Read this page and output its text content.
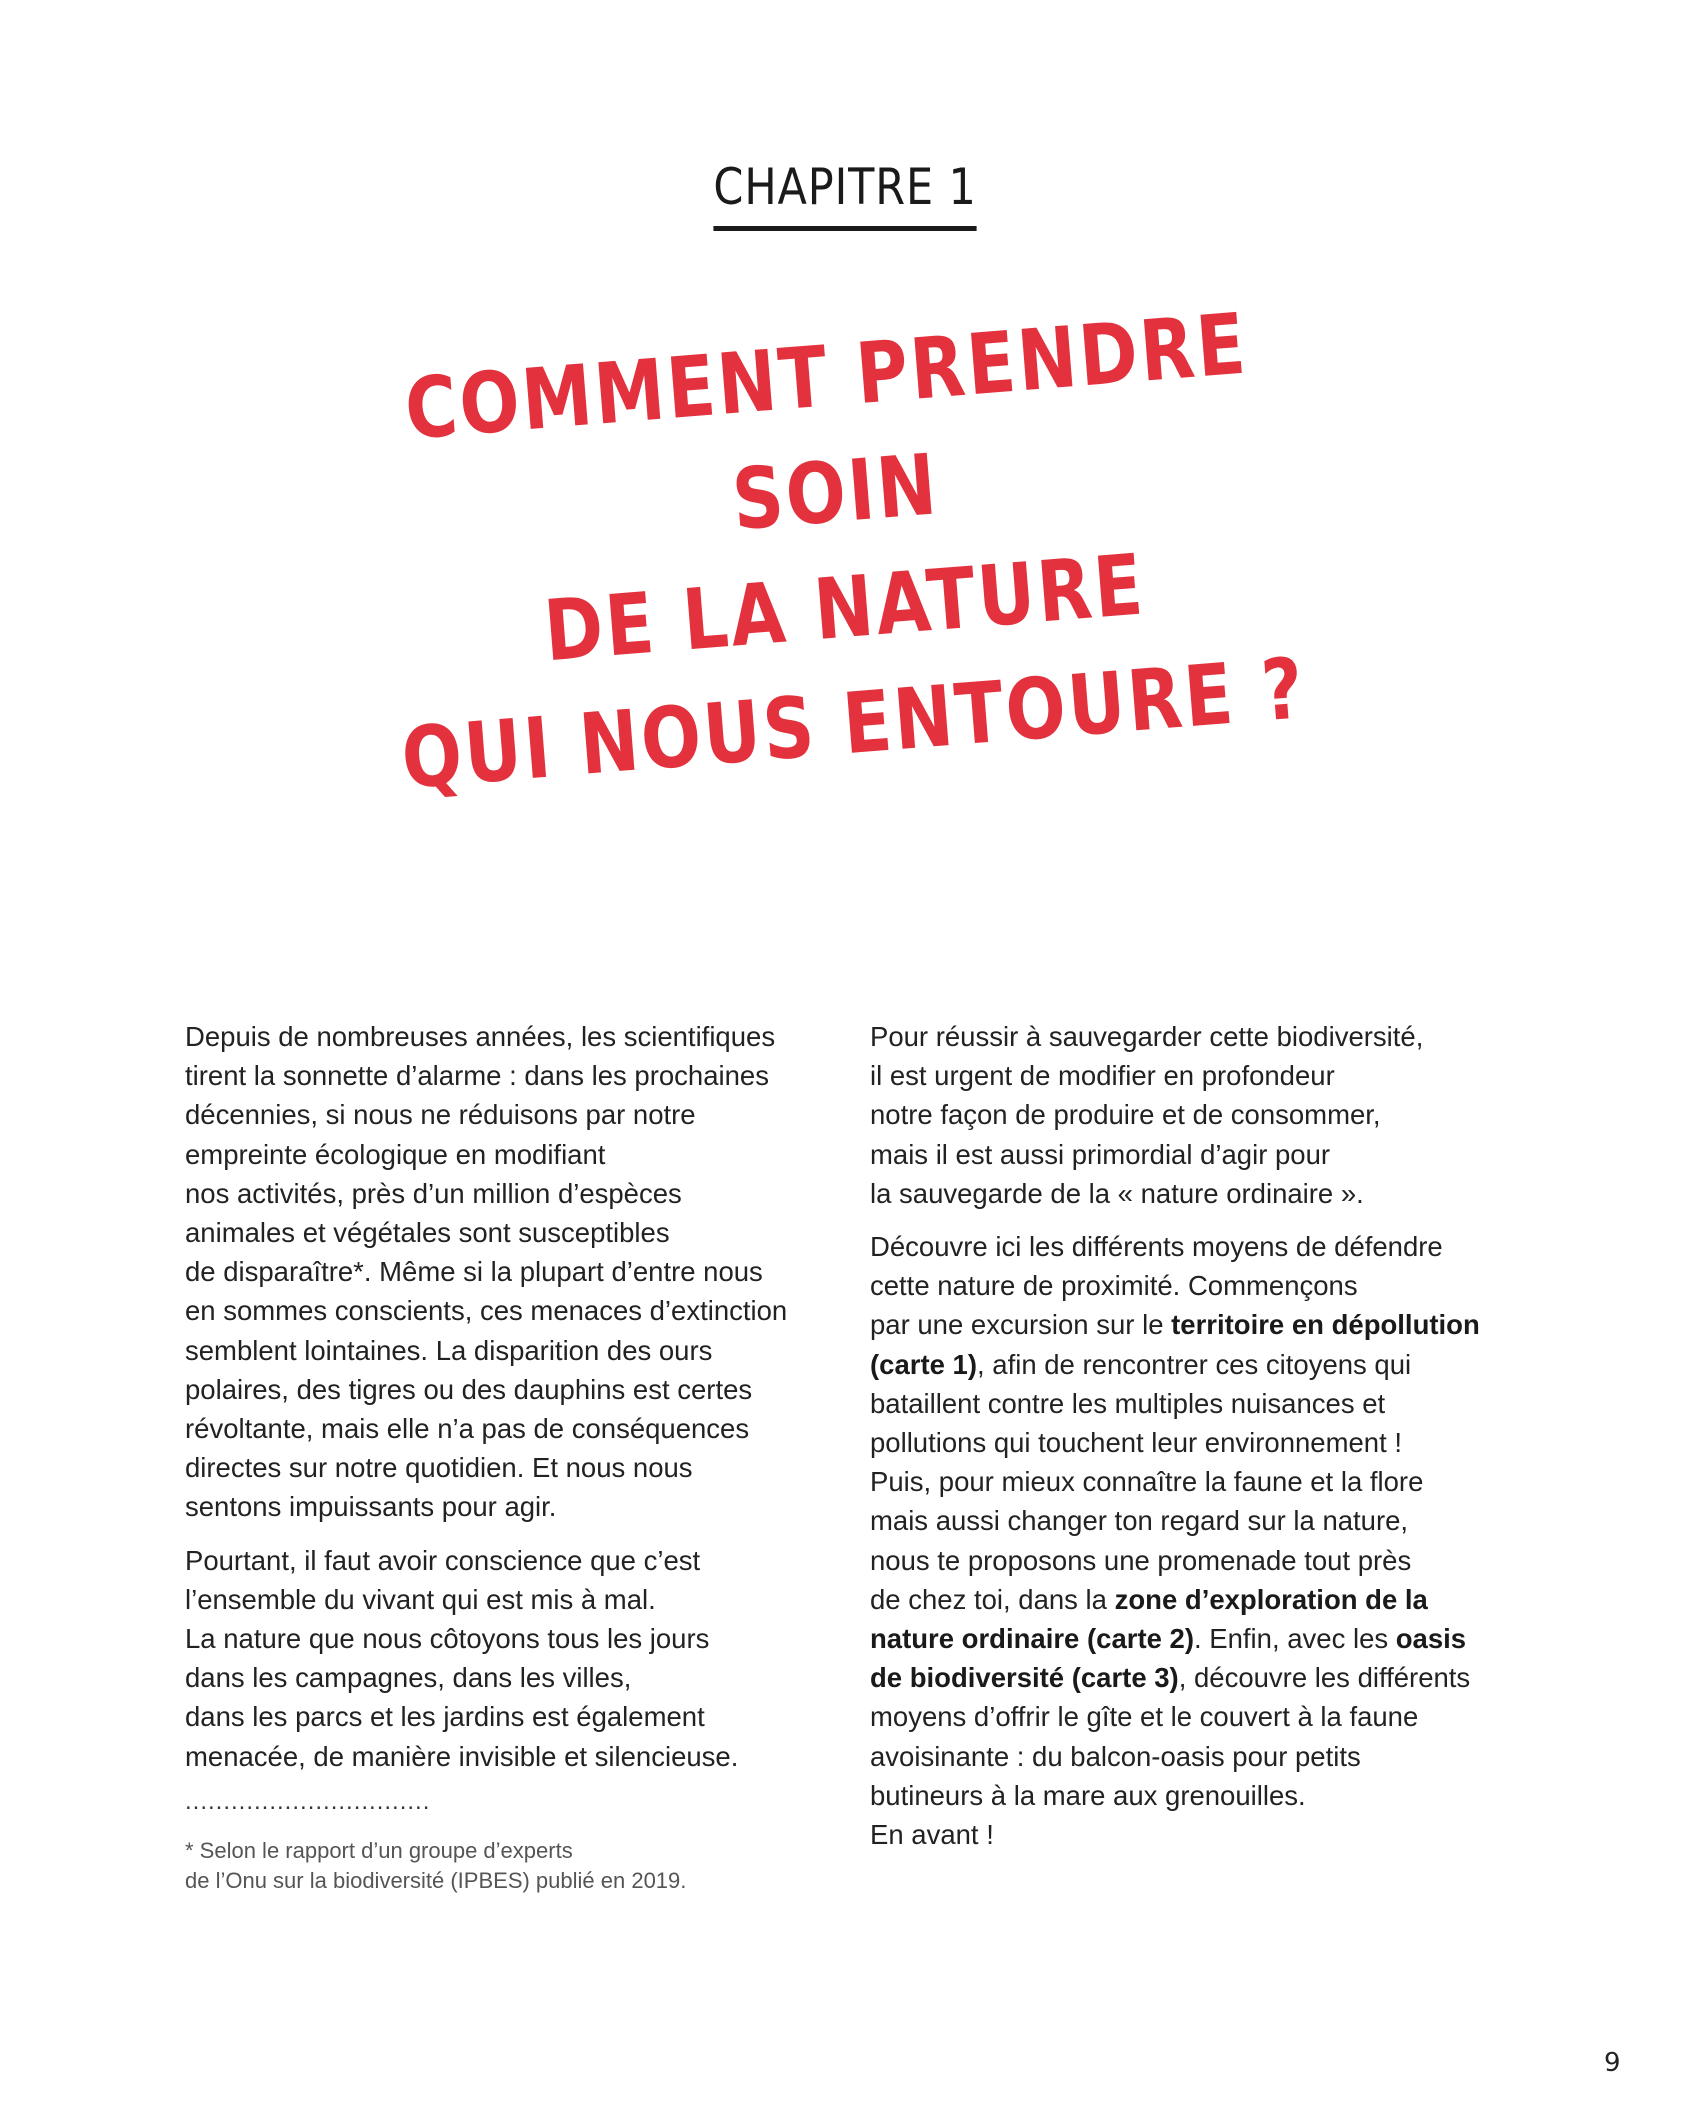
CHAPITRE 1
COMMENT PRENDRE SOIN
DE LA NATURE
QUI NOUS ENTOURE ?

Depuis de nombreuses années, les scientifiques
tirent la sonnette d’alarme : dans les prochaines
décennies, si nous ne réduisons par notre
empreinte écologique en modifiant
nos activités, près d’un million d’espèces
animales et végétales sont susceptibles
de disparaître*. Même si la plupart d’entre nous
en sommes conscients, ces menaces d’extinction
semblent lointaines. La disparition des ours
polaires, des tigres ou des dauphins est certes
révoltante, mais elle n’a pas de conséquences
directes sur notre quotidien. Et nous nous
sentons impuissants pour agir.

Pourtant, il faut avoir conscience que c’est
l’ensemble du vivant qui est mis à mal.
La nature que nous côtoyons tous les jours
dans les campagnes, dans les villes,
dans les parcs et les jardins est également
menacée, de manière invisible et silencieuse.

................................
* Selon le rapport d’un groupe d’experts
de l’Onu sur la biodiversité (IPBES) publié en 2019.

Pour réussir à sauvegarder cette biodiversité,
il est urgent de modifier en profondeur
notre façon de produire et de consommer,
mais il est aussi primordial d’agir pour
la sauvegarde de la « nature ordinaire ».

Découvre ici les différents moyens de défendre
cette nature de proximité. Commençons
par une excursion sur le territoire en dépollution
(carte 1), afin de rencontrer ces citoyens qui
bataillent contre les multiples nuisances et
pollutions qui touchent leur environnement !
Puis, pour mieux connaître la faune et la flore
mais aussi changer ton regard sur la nature,
nous te proposons une promenade tout près
de chez toi, dans la zone d’exploration de la
nature ordinaire (carte 2). Enfin, avec les oasis
de biodiversité (carte 3), découvre les différents
moyens d’offrir le gîte et le couvert à la faune
avoisinante : du balcon-oasis pour petits
butineurs à la mare aux grenouilles.
En avant !

9
